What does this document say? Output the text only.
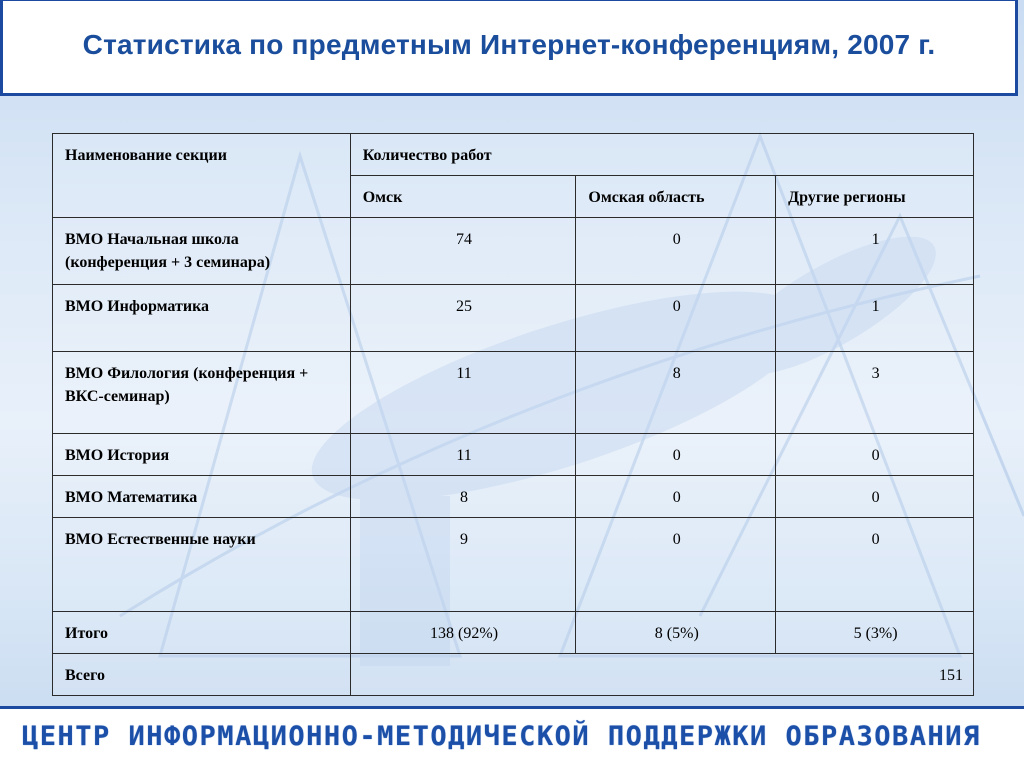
Статистика по предметным Интернет-конференциям, 2007 г.
Наименование секции	Количество работ		
	Омск	Омская область	Другие регионы
ВМО Начальная школа (конференция + 3 семинара)	74	0	1
ВМО Информатика	25	0	1
ВМО Филология (конференция + ВКС-семинар)	11	8	3
ВМО История	11	0	0
ВМО Математика	8	0	0
ВМО Естественные науки	9	0	0
Итого	138 (92%)	8 (5%)	5 (3%)
Всего	151		
ЦЕНТР ИНФОРМАЦИОННО-МЕТОДИЧЕСКОЙ ПОДДЕРЖКИ ОБРАЗОВАНИЯ
